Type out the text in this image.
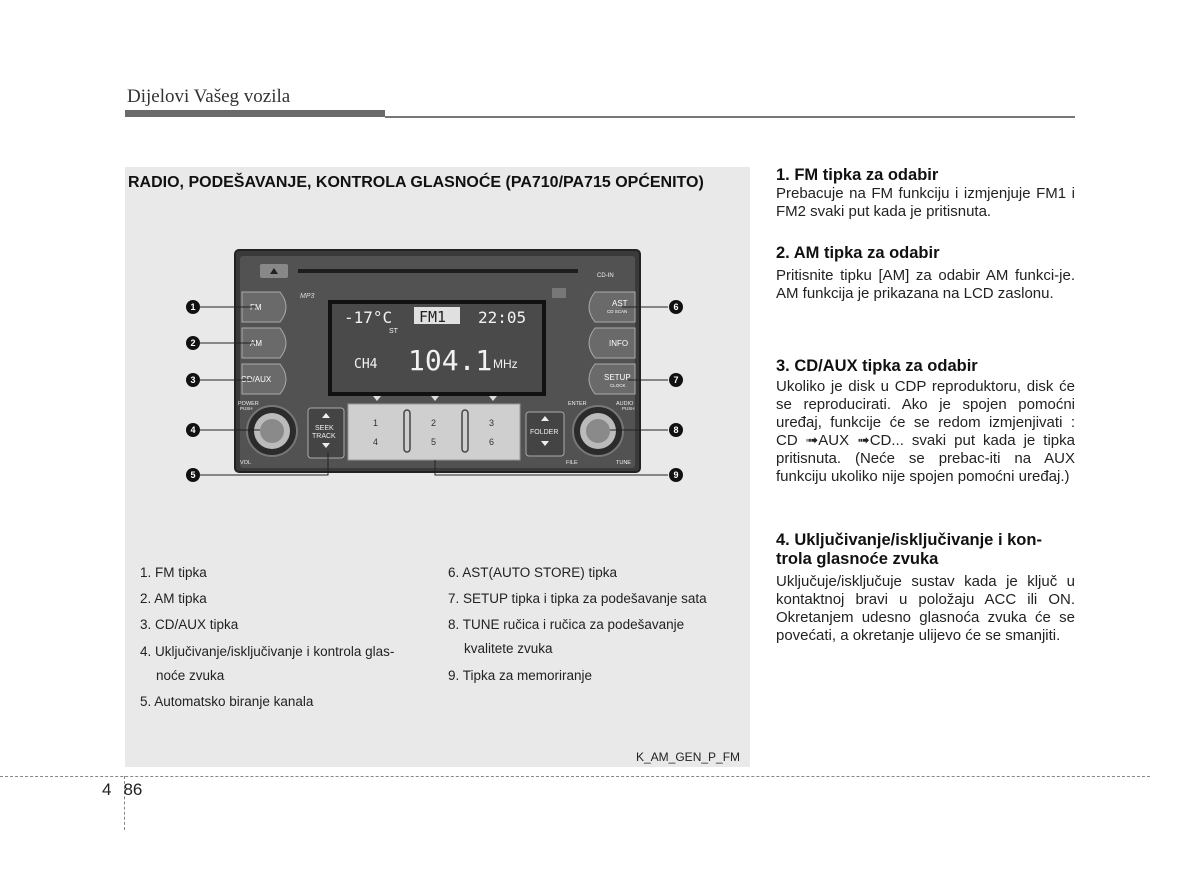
Dijelovi Vašeg vozila
RADIO, PODEŠAVANJE, KONTROLA GLASNOĆE (PA710/PA715 OPĆENITO)
CD-IN
MP3
FM
AM
CD/AUX
AST
CD SCAN
INFO
SETUP
CLOCK
-17°C FM1 22:05
ST
CH4 104.1 MHz
1	2	3
4	5	6
SEEK
TRACK
FOLDER
POWER
PUSH
VOL
ENTER	AUDIO
PUSH
FILE	TUNE
1
2
3
4
5
6
7
8
9
1. FM tipka
2. AM tipka
3. CD/AUX tipka
4. Uključivanje/isključivanje i kontrola glas-
noće zvuka
5. Automatsko biranje kanala
6. AST(AUTO STORE) tipka
7. SETUP tipka i tipka za podešavanje sata
8. TUNE ručica i ručica za podešavanje
kvalitete zvuka
9. Tipka za memoriranje
K_AM_GEN_P_FM
1. FM tipka za odabir

Prebacuje na FM funkciju i izmjenjuje FM1 i FM2 svaki put kada je pritisnuta.

2. AM tipka za odabir

Pritisnite tipku [AM] za odabir AM funkci-je. AM funkcija je prikazana na LCD zaslonu.

3. CD/AUX tipka za odabir

Ukoliko je disk u CDP reproduktoru, disk će se reproducirati. Ako je spojen pomoćni uređaj, funkcije će se redom izmjenjivati : CD ➟AUX ➟CD... svaki put kada je tipka pritisnuta. (Neće se prebac-iti na AUX funkciju ukoliko nije spojen pomoćni uređaj.)

4. Uključivanje/isključivanje i kon-trola glasnoće zvuka

Uključuje/isključuje sustav kada je ključ u kontaktnoj bravi u položaju ACC ili ON. Okretanjem udesno glasnoća zvuka će se povećati, a okretanje ulijevo će se smanjiti.

4 86
